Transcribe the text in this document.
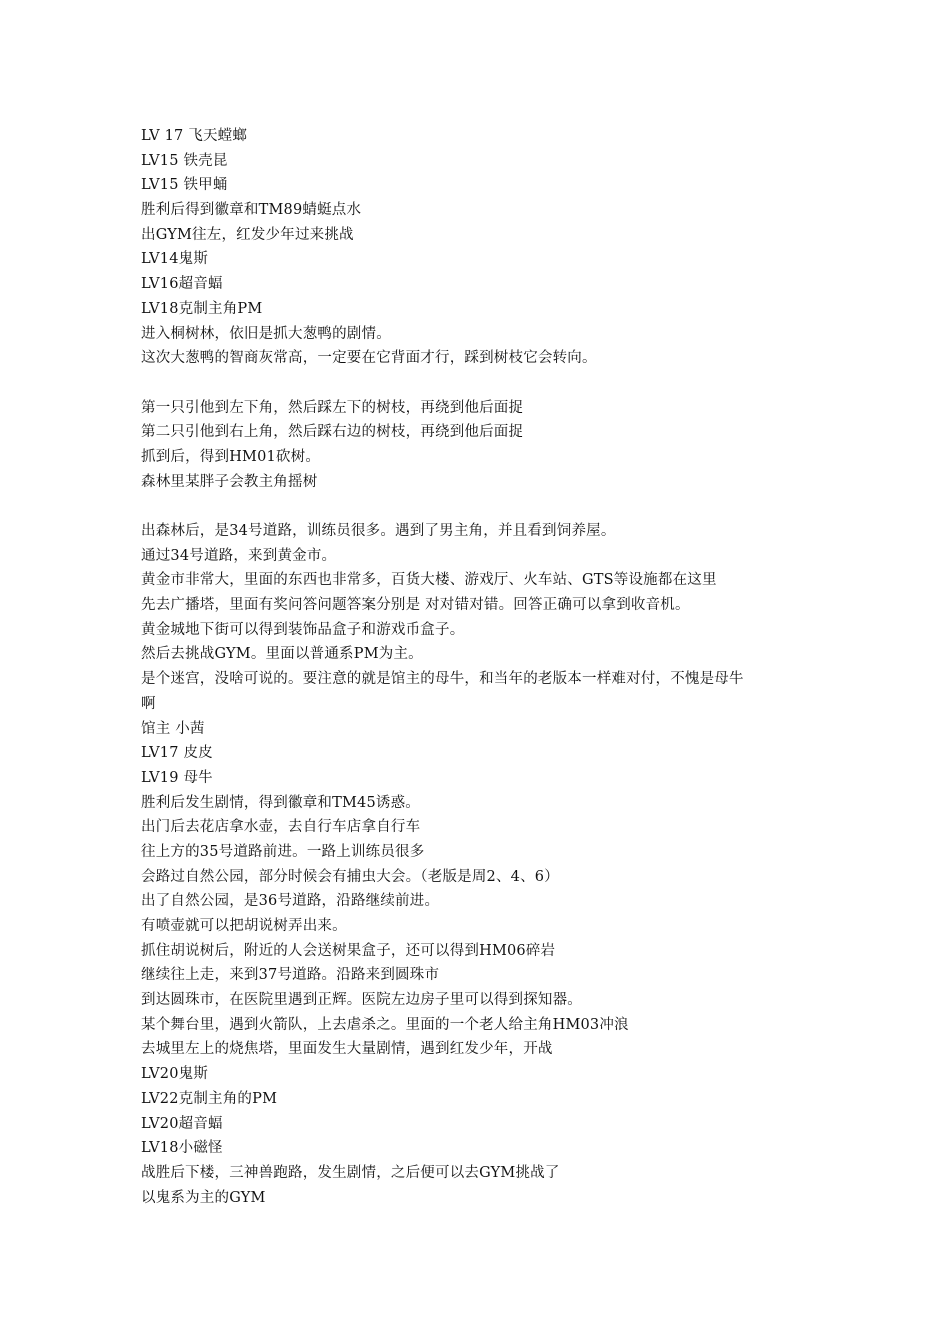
LV 17 飞天螳螂
LV15 铁壳昆
LV15 铁甲蛹
胜利后得到徽章和TM89蜻蜓点水
出GYM往左，红发少年过来挑战
LV14鬼斯
LV16超音蝠
LV18克制主角PM
进入桐树林，依旧是抓大葱鸭的剧情。
这次大葱鸭的智商灰常高，一定要在它背面才行，踩到树枝它会转向。
第一只引他到左下角，然后踩左下的树枝，再绕到他后面捉
第二只引他到右上角，然后踩右边的树枝，再绕到他后面捉
抓到后，得到HM01砍树。
森林里某胖子会教主角摇树
出森林后，是34号道路，训练员很多。遇到了男主角，并且看到饲养屋。
通过34号道路，来到黄金市。
黄金市非常大，里面的东西也非常多，百货大楼、游戏厅、火车站、GTS等设施都在这里
先去广播塔，里面有奖问答问题答案分别是 对对错对错。回答正确可以拿到收音机。
黄金城地下街可以得到装饰品盒子和游戏币盒子。
然后去挑战GYM。里面以普通系PM为主。
是个迷宫，没啥可说的。要注意的就是馆主的母牛，和当年的老版本一样难对付，不愧是母牛
啊
馆主 小茜
LV17 皮皮
LV19 母牛
胜利后发生剧情，得到徽章和TM45诱惑。
出门后去花店拿水壶，去自行车店拿自行车
往上方的35号道路前进。一路上训练员很多
会路过自然公园，部分时候会有捕虫大会。（老版是周2、4、6）
出了自然公园，是36号道路，沿路继续前进。
有喷壶就可以把胡说树弄出来。
抓住胡说树后，附近的人会送树果盒子，还可以得到HM06碎岩
继续往上走，来到37号道路。沿路来到圆珠市
到达圆珠市，在医院里遇到正辉。医院左边房子里可以得到探知器。
某个舞台里，遇到火箭队，上去虐杀之。里面的一个老人给主角HM03冲浪
去城里左上的烧焦塔，里面发生大量剧情，遇到红发少年，开战
LV20鬼斯
LV22克制主角的PM
LV20超音蝠
LV18小磁怪
战胜后下楼，三神兽跑路，发生剧情，之后便可以去GYM挑战了
以鬼系为主的GYM
